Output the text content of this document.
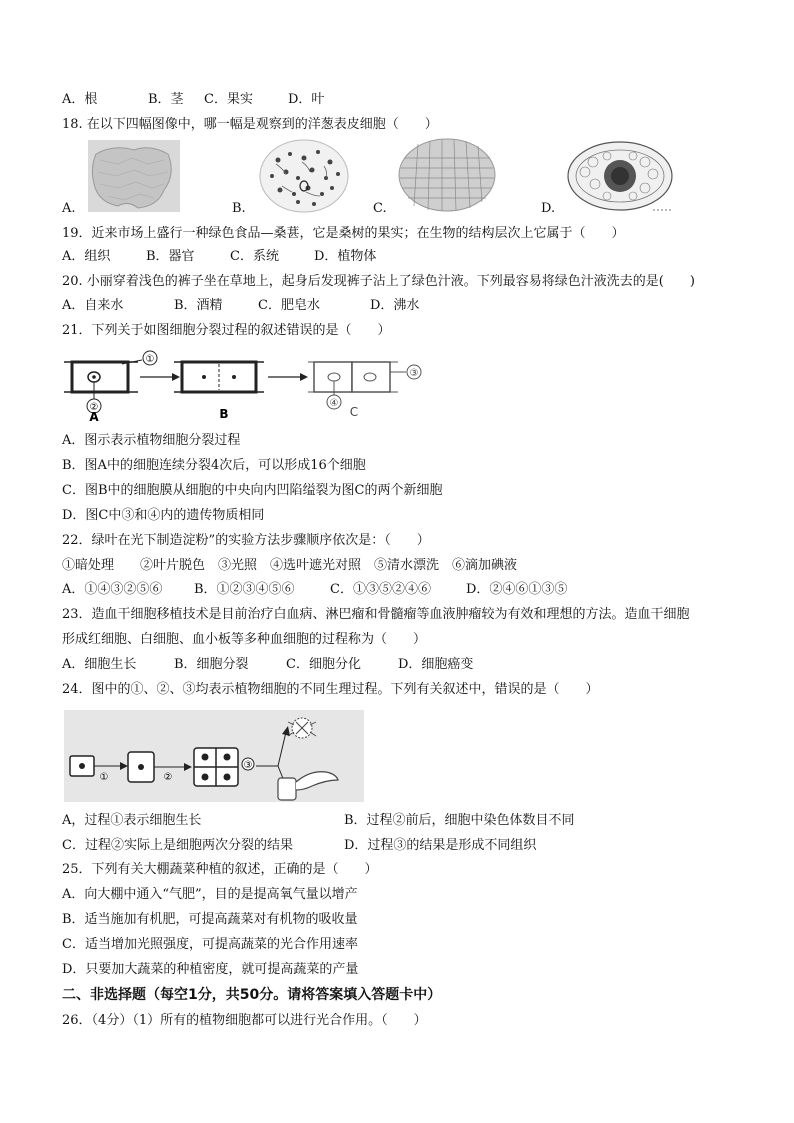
A．根	B．茎 C．果实	D．叶
18. 在以下四幅图像中，哪一幅是观察到的洋葱表皮细胞（　　）
A.	B.	C.	D.
19．近来市场上盛行一种绿色食品—桑葚，它是桑树的果实；在生物的结构层次上它属于（　　）
A．组织	B．器官	C．系统	D．植物体
20. 小丽穿着浅色的裤子坐在草地上，起身后发现裤子沾上了绿色汁液。下列最容易将绿色汁液洗去的是(　　)
A．自来水	B．酒精	C．肥皂水	D．沸水
21．下列关于如图细胞分裂过程的叙述错误的是（　　）
①
②
A	B
③
④
C
A．图示表示植物细胞分裂过程
B．图A中的细胞连续分裂4次后，可以形成16个细胞
C．图B中的细胞膜从细胞的中央向内凹陷缢裂为图C的两个新细胞
D．图C中③和④内的遗传物质相同
22．绿叶在光下制造淀粉”的实验方法步骤顺序依次是：（　　）
①暗处理　　②叶片脱色　③光照　④选叶遮光对照　⑤清水漂洗　⑥滴加碘液
A．①④③②⑤⑥ B．①②③④⑤⑥	C．①③⑤②④⑥	D．②④⑥①③⑤
23．造血干细胞移植技术是目前治疗白血病、淋巴瘤和骨髓瘤等血液肿瘤较为有效和理想的方法。造血干细胞
形成红细胞、白细胞、血小板等多种血细胞的过程称为（　　）
A．细胞生长	B．细胞分裂	C．细胞分化	D．细胞癌变
24．图中的①、②、③均表示植物细胞的不同生理过程。下列有关叙述中，错误的是（　　）
①	②
③
A，过程①表示细胞生长	B．过程②前后，细胞中染色体数目不同
C．过程②实际上是细胞两次分裂的结果	D．过程③的结果是形成不同组织
25．下列有关大棚蔬菜种植的叙述，正确的是（　　）
A．向大棚中通入“气肥”，目的是提高氧气量以增产
B．适当施加有机肥，可提高蔬菜对有机物的吸收量
C．适当增加光照强度，可提高蔬菜的光合作用速率
D．只要加大蔬菜的种植密度，就可提高蔬菜的产量
二、非选择题（每空1分，共50分。请将答案填入答题卡中）
26．（4分）（1）所有的植物细胞都可以进行光合作用。（　　）
